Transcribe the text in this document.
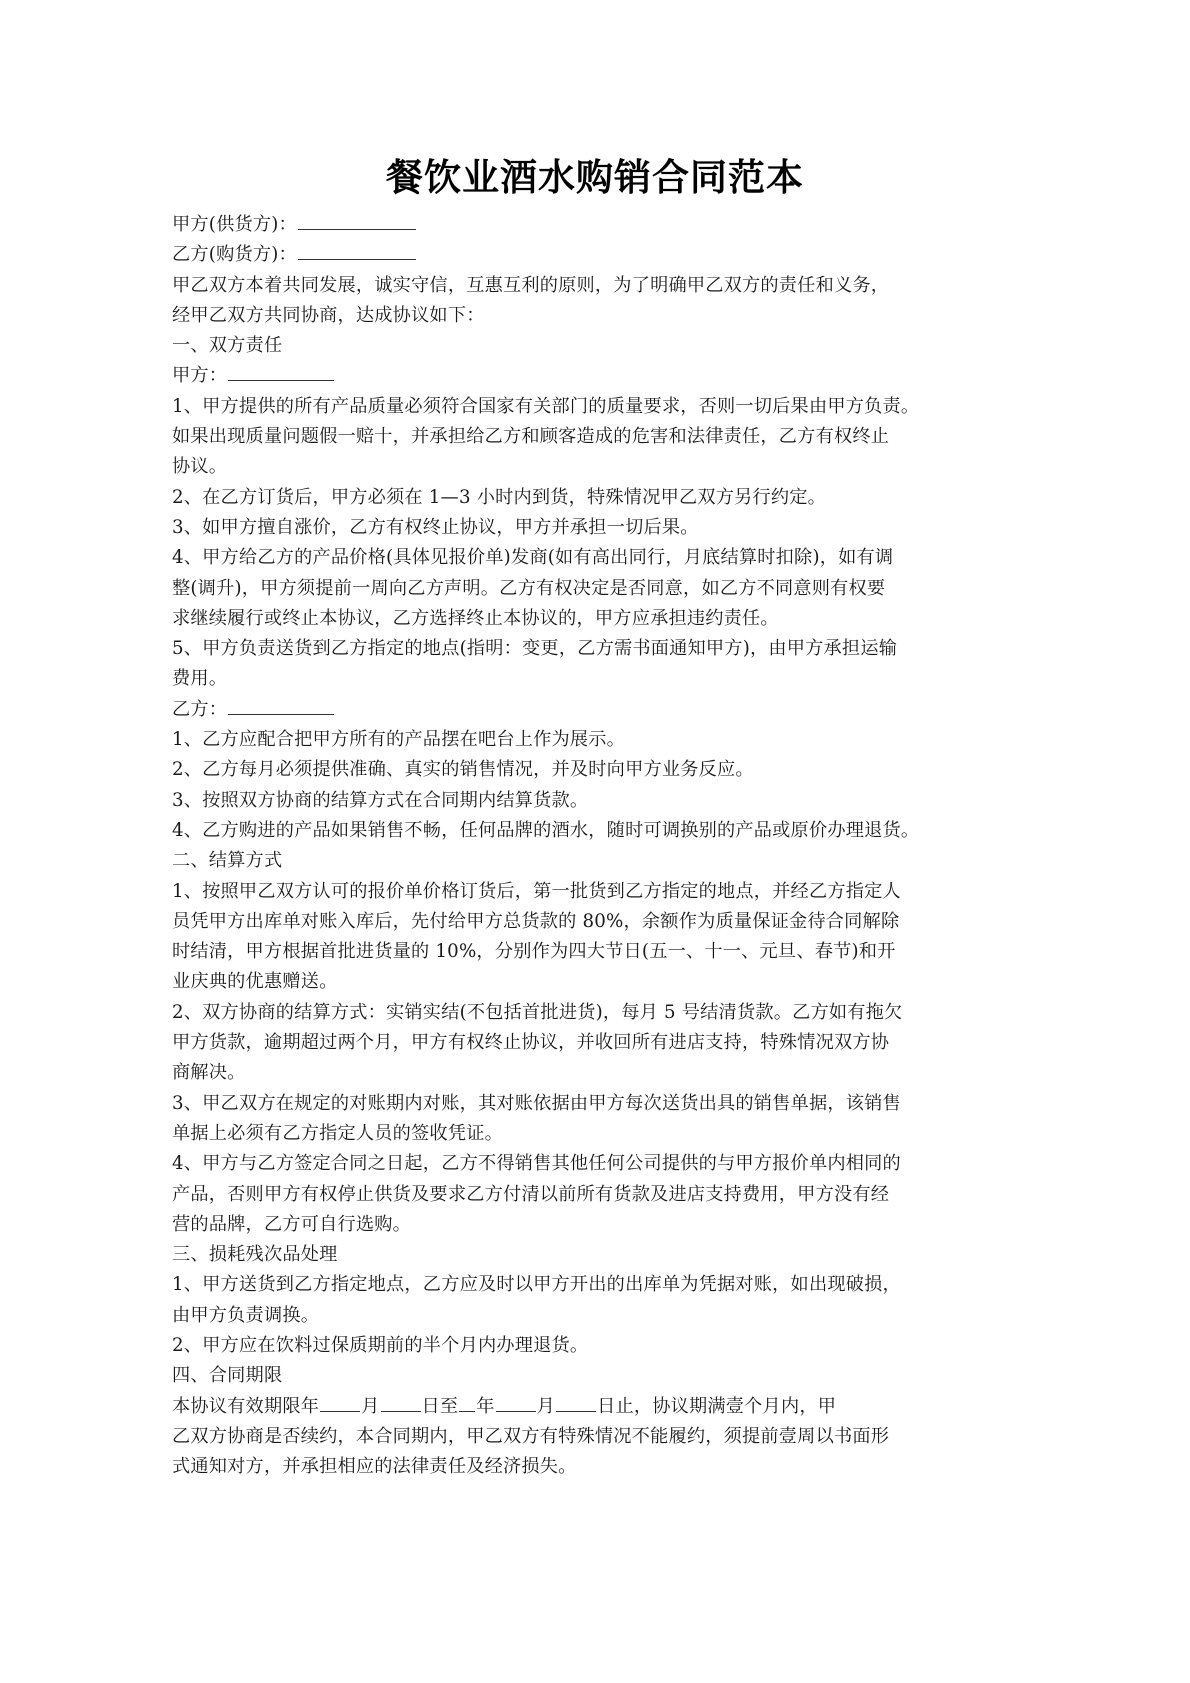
餐饮业酒水购销合同范本
甲方(供货方)：
乙方(购货方)：
甲乙双方本着共同发展，诚实守信，互惠互利的原则，为了明确甲乙双方的责任和义务，
经甲乙双方共同协商，达成协议如下：
一、双方责任
甲方：
1、甲方提供的所有产品质量必须符合国家有关部门的质量要求，否则一切后果由甲方负责。
如果出现质量问题假一赔十，并承担给乙方和顾客造成的危害和法律责任，乙方有权终止
协议。
2、在乙方订货后，甲方必须在 1—3 小时内到货，特殊情况甲乙双方另行约定。
3、如甲方擅自涨价，乙方有权终止协议，甲方并承担一切后果。
4、甲方给乙方的产品价格(具体见报价单)发商(如有高出同行，月底结算时扣除)，如有调
整(调升)，甲方须提前一周向乙方声明。乙方有权决定是否同意，如乙方不同意则有权要
求继续履行或终止本协议，乙方选择终止本协议的，甲方应承担违约责任。
5、甲方负责送货到乙方指定的地点(指明：变更，乙方需书面通知甲方)，由甲方承担运输
费用。
乙方：
1、乙方应配合把甲方所有的产品摆在吧台上作为展示。
2、乙方每月必须提供准确、真实的销售情况，并及时向甲方业务反应。
3、按照双方协商的结算方式在合同期内结算货款。
4、乙方购进的产品如果销售不畅，任何品牌的酒水，随时可调换别的产品或原价办理退货。
二、结算方式
1、按照甲乙双方认可的报价单价格订货后，第一批货到乙方指定的地点，并经乙方指定人
员凭甲方出库单对账入库后，先付给甲方总货款的 80%，余额作为质量保证金待合同解除
时结清，甲方根据首批进货量的 10%，分别作为四大节日(五一、十一、元旦、春节)和开
业庆典的优惠赠送。
2、双方协商的结算方式：实销实结(不包括首批进货)，每月 5 号结清货款。乙方如有拖欠
甲方货款，逾期超过两个月，甲方有权终止协议，并收回所有进店支持，特殊情况双方协
商解决。
3、甲乙双方在规定的对账期内对账，其对账依据由甲方每次送货出具的销售单据，该销售
单据上必须有乙方指定人员的签收凭证。
4、甲方与乙方签定合同之日起，乙方不得销售其他任何公司提供的与甲方报价单内相同的
产品，否则甲方有权停止供货及要求乙方付清以前所有货款及进店支持费用，甲方没有经
营的品牌，乙方可自行选购。
三、损耗残次品处理
1、甲方送货到乙方指定地点，乙方应及时以甲方开出的出库单为凭据对账，如出现破损，
由甲方负责调换。
2、甲方应在饮料过保质期前的半个月内办理退货。
四、合同期限
本协议有效期限年 月 日至 年 月 日止，协议期满壹个月内，甲
乙双方协商是否续约，本合同期内，甲乙双方有特殊情况不能履约，须提前壹周以书面形
式通知对方，并承担相应的法律责任及经济损失。
